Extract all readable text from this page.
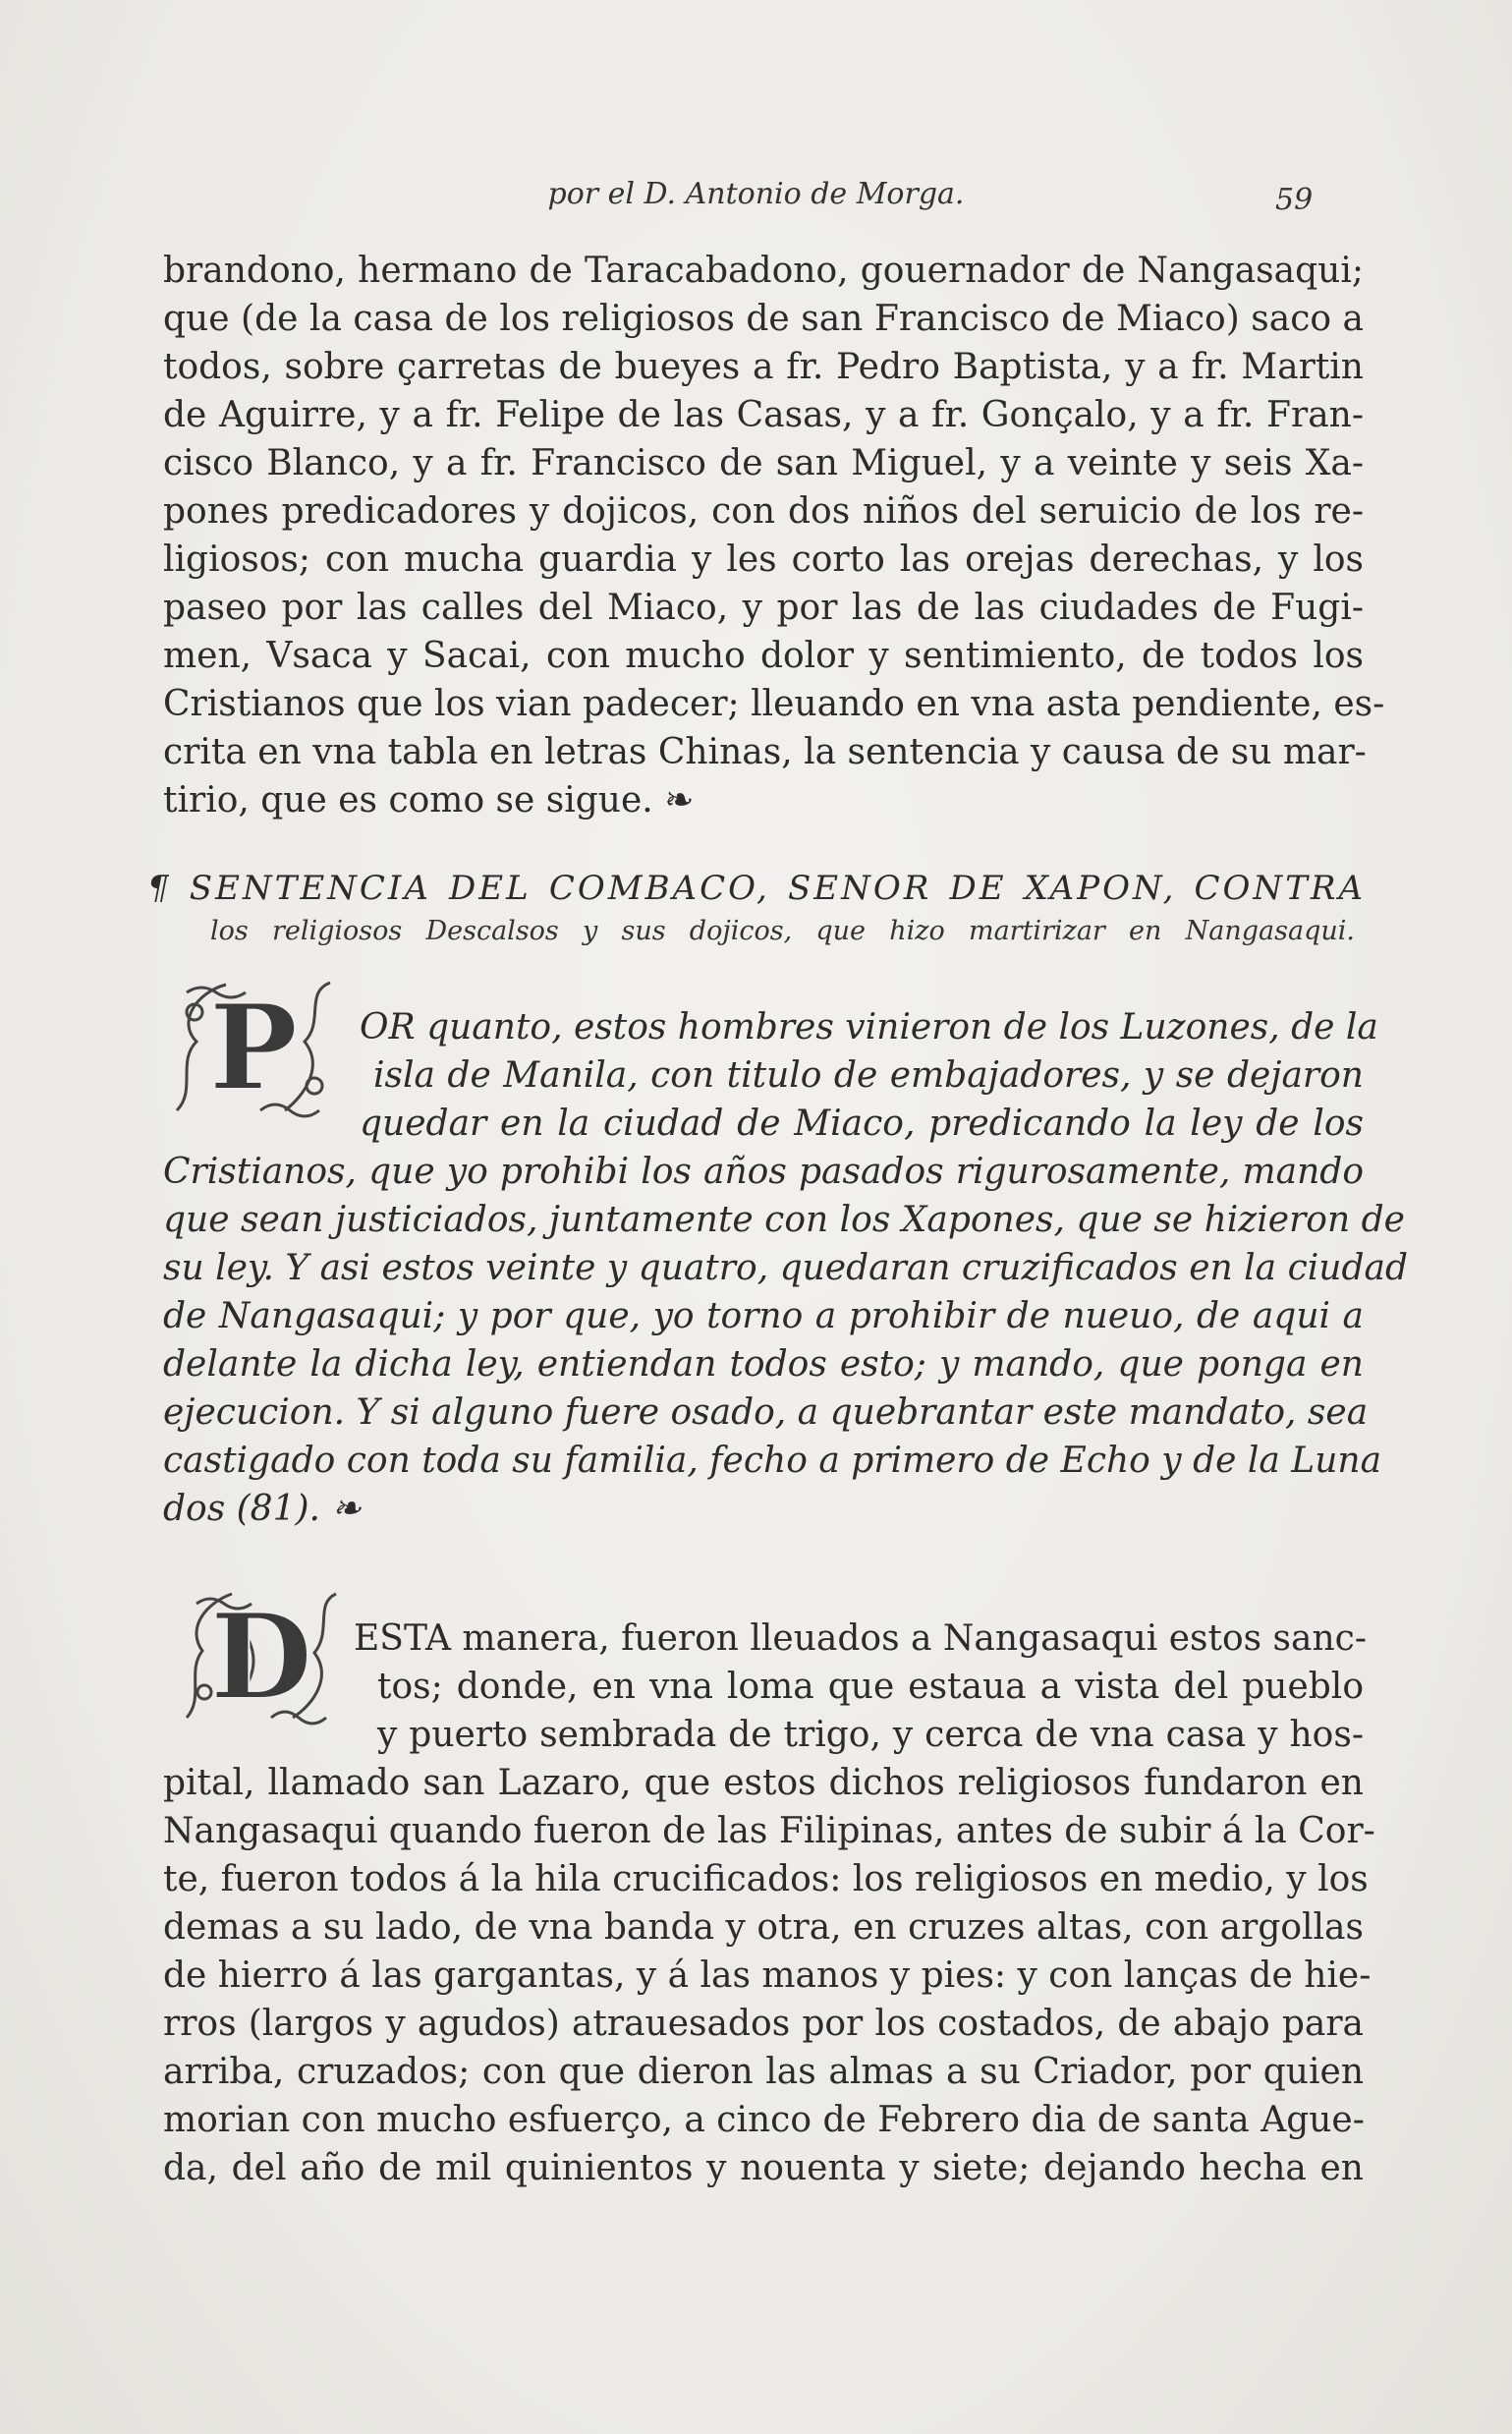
por el D. Antonio de Morga.	59
brandono, hermano de Taracabadono, gouernador de Nangasaqui;
que (de la casa de los religiosos de san Francisco de Miaco) saco a
todos, sobre çarretas de bueyes a fr. Pedro Baptista, y a fr. Martin
de Aguirre, y a fr. Felipe de las Casas, y a fr. Gonçalo, y a fr. Fran-
cisco Blanco, y a fr. Francisco de san Miguel, y a veinte y seis Xa-
pones predicadores y dojicos, con dos niños del seruicio de los re-
ligiosos; con mucha guardia y les corto las orejas derechas, y los
paseo por las calles del Miaco, y por las de las ciudades de Fugi-
men, Vsaca y Sacai, con mucho dolor y sentimiento, de todos los
Cristianos que los vian padecer; lleuando en vna asta pendiente, es-
crita en vna tabla en letras Chinas, la sentencia y causa de su mar-
tirio, que es como se sigue. ❧
¶ SENTENCIA DEL COMBACO, SENOR DE XAPON, CONTRA
los religiosos Descalsos y sus dojicos, que hizo martirizar en Nangasaqui.
P OR quanto, estos hombres vinieron de los Luzones, de la
isla de Manila, con titulo de embajadores, y se dejaron
quedar en la ciudad de Miaco, predicando la ley de los
Cristianos, que yo prohibi los años pasados rigurosamente, mando
que sean justiciados, juntamente con los Xapones, que se hizieron de
su ley. Y asi estos veinte y quatro, quedaran cruzificados en la ciudad
de Nangasaqui; y por que, yo torno a prohibir de nueuo, de aqui a
delante la dicha ley, entiendan todos esto; y mando, que ponga en
ejecucion. Y si alguno fuere osado, a quebrantar este mandato, sea
castigado con toda su familia, fecho a primero de Echo y de la Luna
dos (81). ❧
D ESTA manera, fueron lleuados a Nangasaqui estos sanc-
tos; donde, en vna loma que estaua a vista del pueblo
y puerto sembrada de trigo, y cerca de vna casa y hos-
pital, llamado san Lazaro, que estos dichos religiosos fundaron en
Nangasaqui quando fueron de las Filipinas, antes de subir á la Cor-
te, fueron todos á la hila crucificados: los religiosos en medio, y los
demas a su lado, de vna banda y otra, en cruzes altas, con argollas
de hierro á las gargantas, y á las manos y pies: y con lanças de hie-
rros (largos y agudos) atrauesados por los costados, de abajo para
arriba, cruzados; con que dieron las almas a su Criador, por quien
morian con mucho esfuerço, a cinco de Febrero dia de santa Ague-
da, del año de mil quinientos y nouenta y siete; dejando hecha en
